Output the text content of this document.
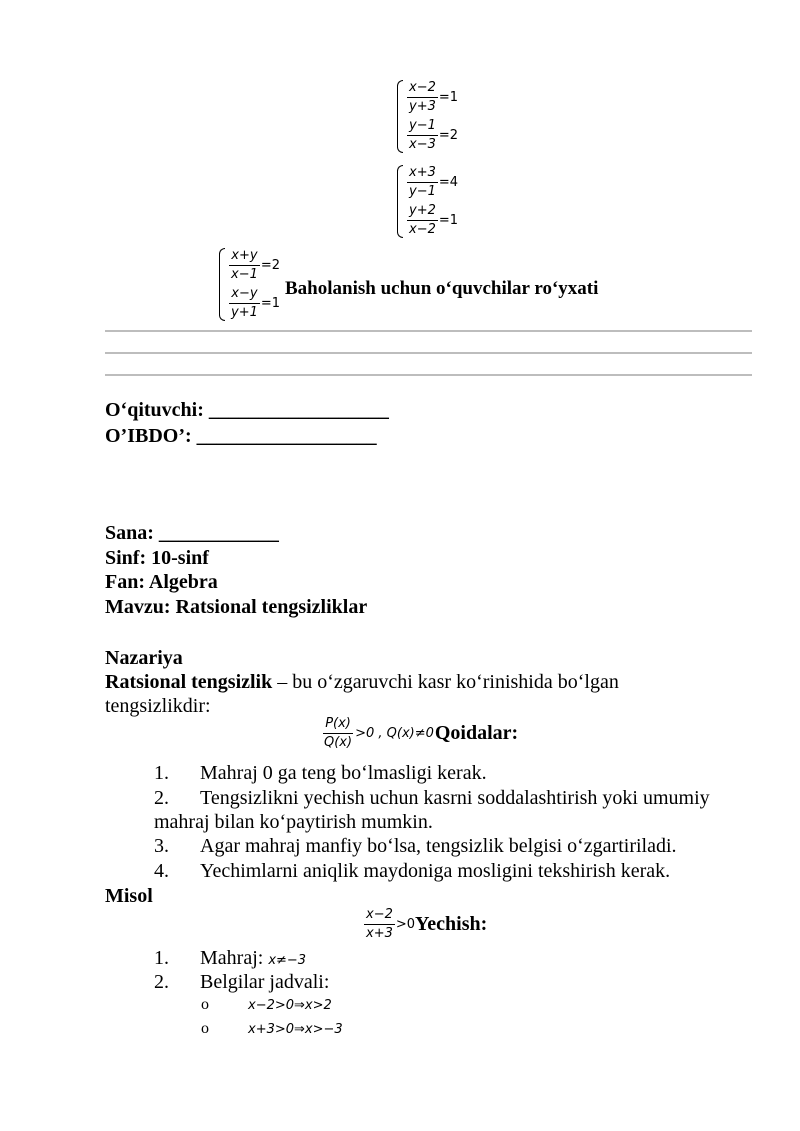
$\frac{x-2}{y+3} =1$
$\frac{y-1}{x-3} =2$
$\frac{x+3}{y-1} =4$
$\frac{y+2}{x-2} =1$
$\frac{x+y}{x-1} =2$
$\frac{x-y}{y+1} =1$
Baholanish uchun o‘quvchilar ro‘yxati
O‘qituvchi: __________________
O’IBDO’: __________________
Sana: ____________
Sinf: 10-sinf
Fan: Algebra
Mavzu: Ratsional tengsizliklar
Nazariya
Ratsional tengsizlik – bu o‘zgaruvchi kasr ko‘rinishida bo‘lgan
tengsizlikdir:
$\frac{P(x)}{Q(x)} >0$ , Q(x)≠0 Qoidalar:
1. Mahraj 0 ga teng bo‘lmasligi kerak.
2. Tengsizlikni yechish uchun kasrni soddalashtirish yoki umumiy
mahraj bilan ko‘paytirish mumkin.
3. Agar mahraj manfiy bo‘lsa, tengsizlik belgisi o‘zgartiriladi.
4. Yechimlarni aniqlik maydoniga mosligini tekshirish kerak.
Misol
$\frac{x-2}{x+3} >0$ Yechish:
1. Mahraj: x≠−3
2. Belgilar jadvali:
o	x−2>0⇒x>2
o	x+3>0⇒x>−3
